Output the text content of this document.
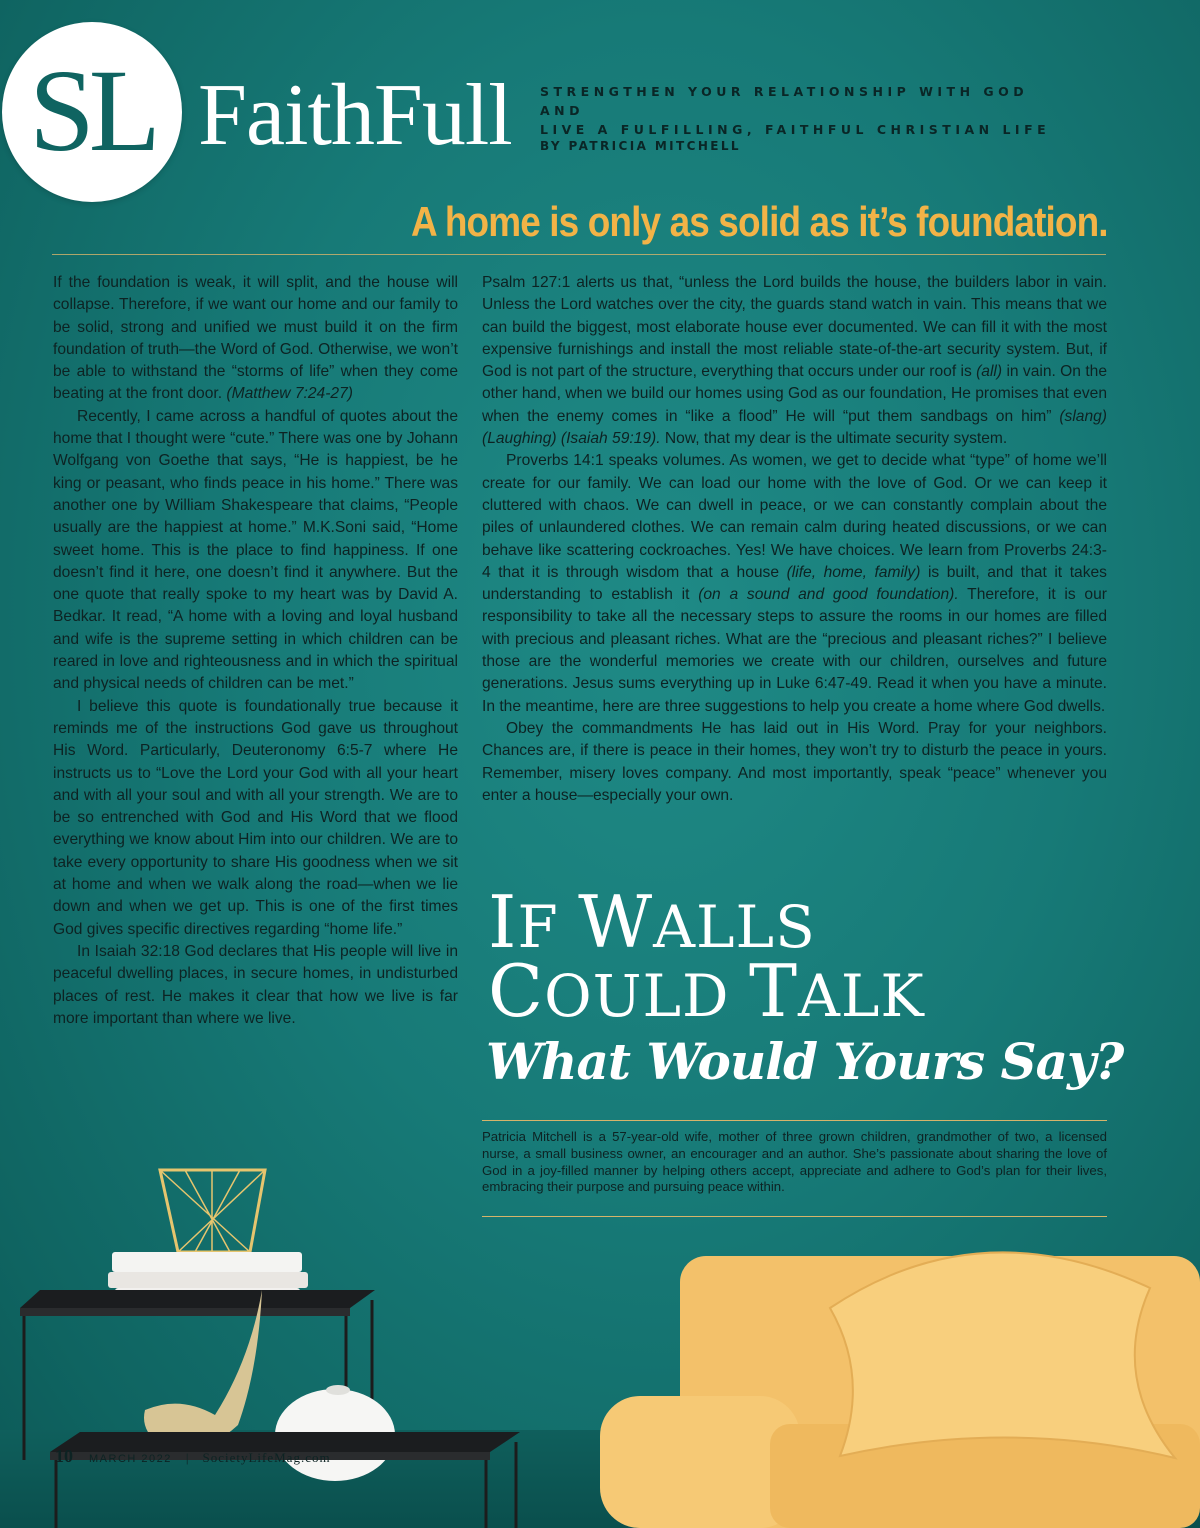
SL FaithFull STRENGTHEN YOUR RELATIONSHIP WITH GOD AND
LIVE A FULFILLING, FAITHFUL CHRISTIAN LIFE
BY PATRICIA MITCHELL
A home is only as solid as it’s foundation.

If the foundation is weak, it will split, and the house will collapse. Therefore, if we want our home and our family to be solid, strong and unified we must build it on the firm foundation of truth—the Word of God. Otherwise, we won’t be able to withstand the “storms of life” when they come beating at the front door. (Matthew 7:24-27)

Recently, I came across a handful of quotes about the home that I thought were “cute.” There was one by Johann Wolfgang von Goethe that says, “He is happiest, be he king or peasant, who finds peace in his home.” There was another one by William Shakespeare that claims, “People usually are the happiest at home.” M.K.Soni said, “Home sweet home. This is the place to find happiness. If one doesn’t find it here, one doesn’t find it anywhere. But the one quote that really spoke to my heart was by David A. Bedkar. It read, “A home with a loving and loyal husband and wife is the supreme setting in which children can be reared in love and righteousness and in which the spiritual and physical needs of children can be met.”

I believe this quote is foundationally true because it reminds me of the instructions God gave us throughout His Word. Particularly, Deuteronomy 6:5-7 where He instructs us to “Love the Lord your God with all your heart and with all your soul and with all your strength. We are to be so entrenched with God and His Word that we flood everything we know about Him into our children. We are to take every opportunity to share His goodness when we sit at home and when we walk along the road—when we lie down and when we get up. This is one of the first times God gives specific directives regarding “home life.”

In Isaiah 32:18 God declares that His people will live in peaceful dwelling places, in secure homes, in undisturbed places of rest. He makes it clear that how we live is far more important than where we live.

Psalm 127:1 alerts us that, “unless the Lord builds the house, the builders labor in vain. Unless the Lord watches over the city, the guards stand watch in vain. This means that we can build the biggest, most elaborate house ever documented. We can fill it with the most expensive furnishings and install the most reliable state-of-the-art security system. But, if God is not part of the structure, everything that occurs under our roof is (all) in vain. On the other hand, when we build our homes using God as our foundation, He promises that even when the enemy comes in “like a flood” He will “put them sandbags on him” (slang) (Laughing) (Isaiah 59:19). Now, that my dear is the ultimate security system.

Proverbs 14:1 speaks volumes. As women, we get to decide what “type” of home we’ll create for our family. We can load our home with the love of God. Or we can keep it cluttered with chaos. We can dwell in peace, or we can constantly complain about the piles of unlaundered clothes. We can remain calm during heated discussions, or we can behave like scattering cockroaches. Yes! We have choices. We learn from Proverbs 24:3-4 that it is through wisdom that a house (life, home, family) is built, and that it takes understanding to establish it (on a sound and good foundation). Therefore, it is our responsibility to take all the necessary steps to assure the rooms in our homes are filled with precious and pleasant riches. What are the “precious and pleasant riches?” I believe those are the wonderful memories we create with our children, ourselves and future generations. Jesus sums everything up in Luke 6:47-49. Read it when you have a minute. In the meantime, here are three suggestions to help you create a home where God dwells.

Obey the commandments He has laid out in His Word. Pray for your neighbors. Chances are, if there is peace in their homes, they won’t try to disturb the peace in yours. Remember, misery loves company. And most importantly, speak “peace” whenever you enter a house—especially your own.

IF WALLS
COULD TALK
What Would Yours Say?
Patricia Mitchell is a 57-year-old wife, mother of three grown children, grandmother of two, a licensed nurse, a small business owner, an encourager and an author. She’s passionate about sharing the love of God in a joy-filled manner by helping others accept, appreciate and adhere to God’s plan for their lives, embracing their purpose and pursuing peace within.
10 MARCH 2022 | SocietyLifeMag.com
